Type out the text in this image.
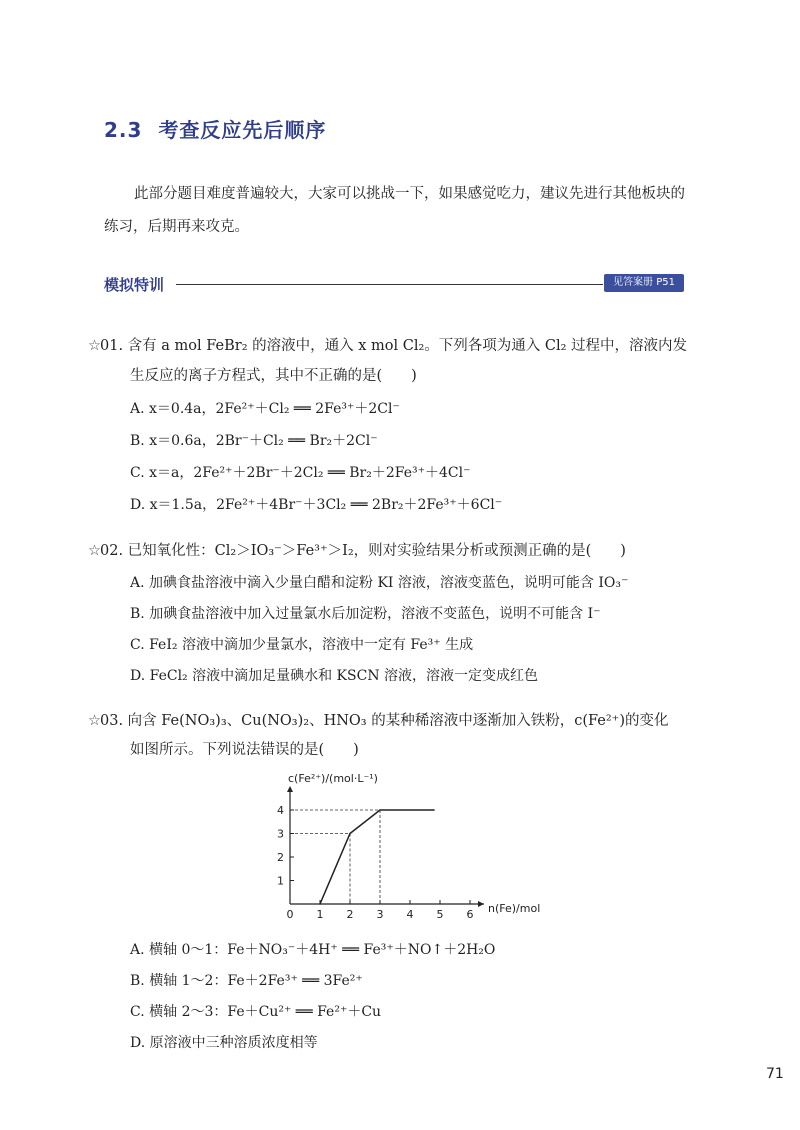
2.3 考查反应先后顺序
此部分题目难度普遍较大，大家可以挑战一下，如果感觉吃力，建议先进行其他板块的练习，后期再来攻克。
模拟特训	见答案册 P51
☆01. 含有 a mol FeBr₂ 的溶液中，通入 x mol Cl₂。下列各项为通入 Cl₂ 过程中，溶液内发
生反应的离子方程式，其中不正确的是(　　)
A. x＝0.4a，2Fe²⁺＋Cl₂ ══ 2Fe³⁺＋2Cl⁻
B. x＝0.6a，2Br⁻＋Cl₂ ══ Br₂＋2Cl⁻
C. x＝a，2Fe²⁺＋2Br⁻＋2Cl₂ ══ Br₂＋2Fe³⁺＋4Cl⁻
D. x＝1.5a，2Fe²⁺＋4Br⁻＋3Cl₂ ══ 2Br₂＋2Fe³⁺＋6Cl⁻
☆02. 已知氧化性：Cl₂＞IO₃⁻＞Fe³⁺＞I₂，则对实验结果分析或预测正确的是(　　)
A. 加碘食盐溶液中滴入少量白醋和淀粉 KI 溶液，溶液变蓝色，说明可能含 IO₃⁻
B. 加碘食盐溶液中加入过量氯水后加淀粉，溶液不变蓝色，说明不可能含 I⁻
C. FeI₂ 溶液中滴加少量氯水，溶液中一定有 Fe³⁺ 生成
D. FeCl₂ 溶液中滴加足量碘水和 KSCN 溶液，溶液一定变成红色
☆03. 向含 Fe(NO₃)₃、Cu(NO₃)₂、HNO₃ 的某种稀溶液中逐渐加入铁粉，c(Fe²⁺)的变化
如图所示。下列说法错误的是(　　)
0 1 2 3 4 5 6
1
2
3
4
c(Fe²⁺)/(mol·L⁻¹)
n(Fe)/mol
A. 横轴 0～1：Fe＋NO₃⁻＋4H⁺ ══ Fe³⁺＋NO↑＋2H₂O
B. 横轴 1～2：Fe＋2Fe³⁺ ══ 3Fe²⁺
C. 横轴 2～3：Fe＋Cu²⁺ ══ Fe²⁺＋Cu
D. 原溶液中三种溶质浓度相等
71
